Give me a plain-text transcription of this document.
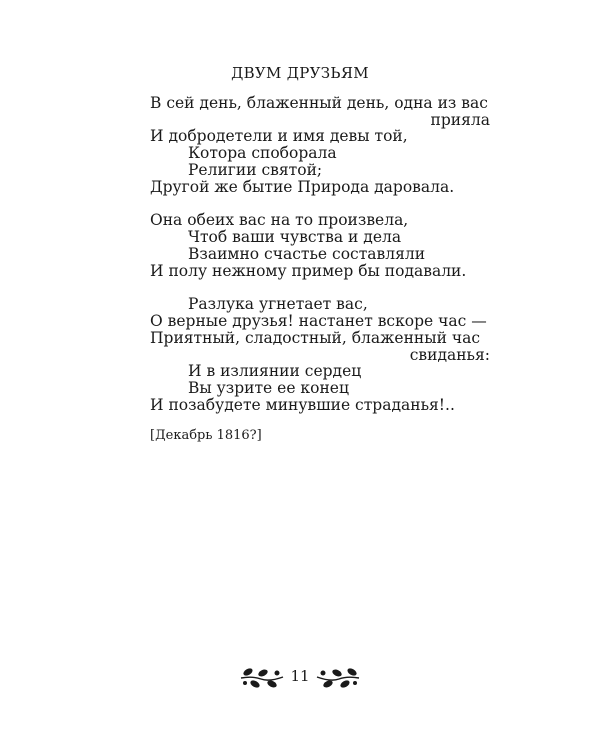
ДВУМ ДРУЗЬЯМ
В сей день, блаженный день, одна из вас
прияла
И добродетели и имя девы той,
Котора споборала
Религии святой;
Другой же бытие Природа даровала.
Она обеих вас на то произвела,
Чтоб ваши чувства и дела
Взаимно счастье составляли
И полу нежному пример бы подавали.
Разлука угнетает вас,
О верные друзья! настанет вскоре час —
Приятный, сладостный, блаженный час
свиданья:
И в излиянии сердец
Вы узрите ее конец
И позабудете минувшие страданья!..
[Декабрь 1816?]
11
